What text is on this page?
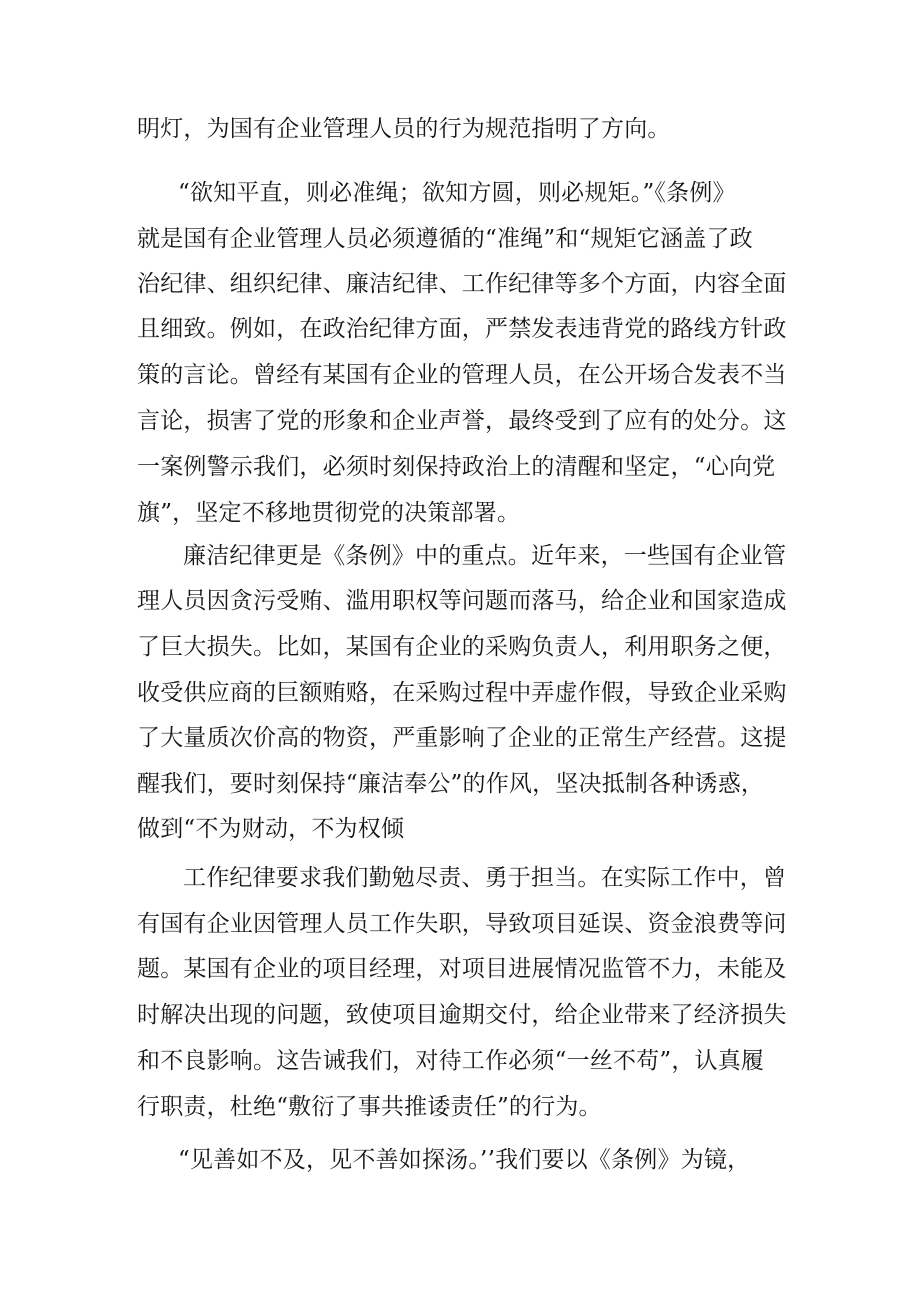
明灯，为国有企业管理人员的行为规范指明了方向。
“欲知平直，则必准绳；欲知方圆，则必规矩。”《条例》
就是国有企业管理人员必须遵循的“准绳”和“规矩它涵盖了政
治纪律、组织纪律、廉洁纪律、工作纪律等多个方面，内容全面
且细致。例如，在政治纪律方面，严禁发表违背党的路线方针政
策的言论。曾经有某国有企业的管理人员，在公开场合发表不当
言论，损害了党的形象和企业声誉，最终受到了应有的处分。这
一案例警示我们，必须时刻保持政治上的清醒和坚定，“心向党
旗”，坚定不移地贯彻党的决策部署。
廉洁纪律更是《条例》中的重点。近年来，一些国有企业管
理人员因贪污受贿、滥用职权等问题而落马，给企业和国家造成
了巨大损失。比如，某国有企业的采购负责人，利用职务之便，
收受供应商的巨额贿赂，在采购过程中弄虚作假，导致企业采购
了大量质次价高的物资，严重影响了企业的正常生产经营。这提
醒我们，要时刻保持“廉洁奉公”的作风，坚决抵制各种诱惑，
做到“不为财动，不为权倾
工作纪律要求我们勤勉尽责、勇于担当。在实际工作中，曾
有国有企业因管理人员工作失职，导致项目延误、资金浪费等问
题。某国有企业的项目经理，对项目进展情况监管不力，未能及
时解决出现的问题，致使项目逾期交付，给企业带来了经济损失
和不良影响。这告诫我们，对待工作必须“一丝不苟”，认真履
行职责，杜绝“敷衍了事共推诿责任”的行为。
“见善如不及，见不善如探汤。’’我们要以《条例》为镜，
